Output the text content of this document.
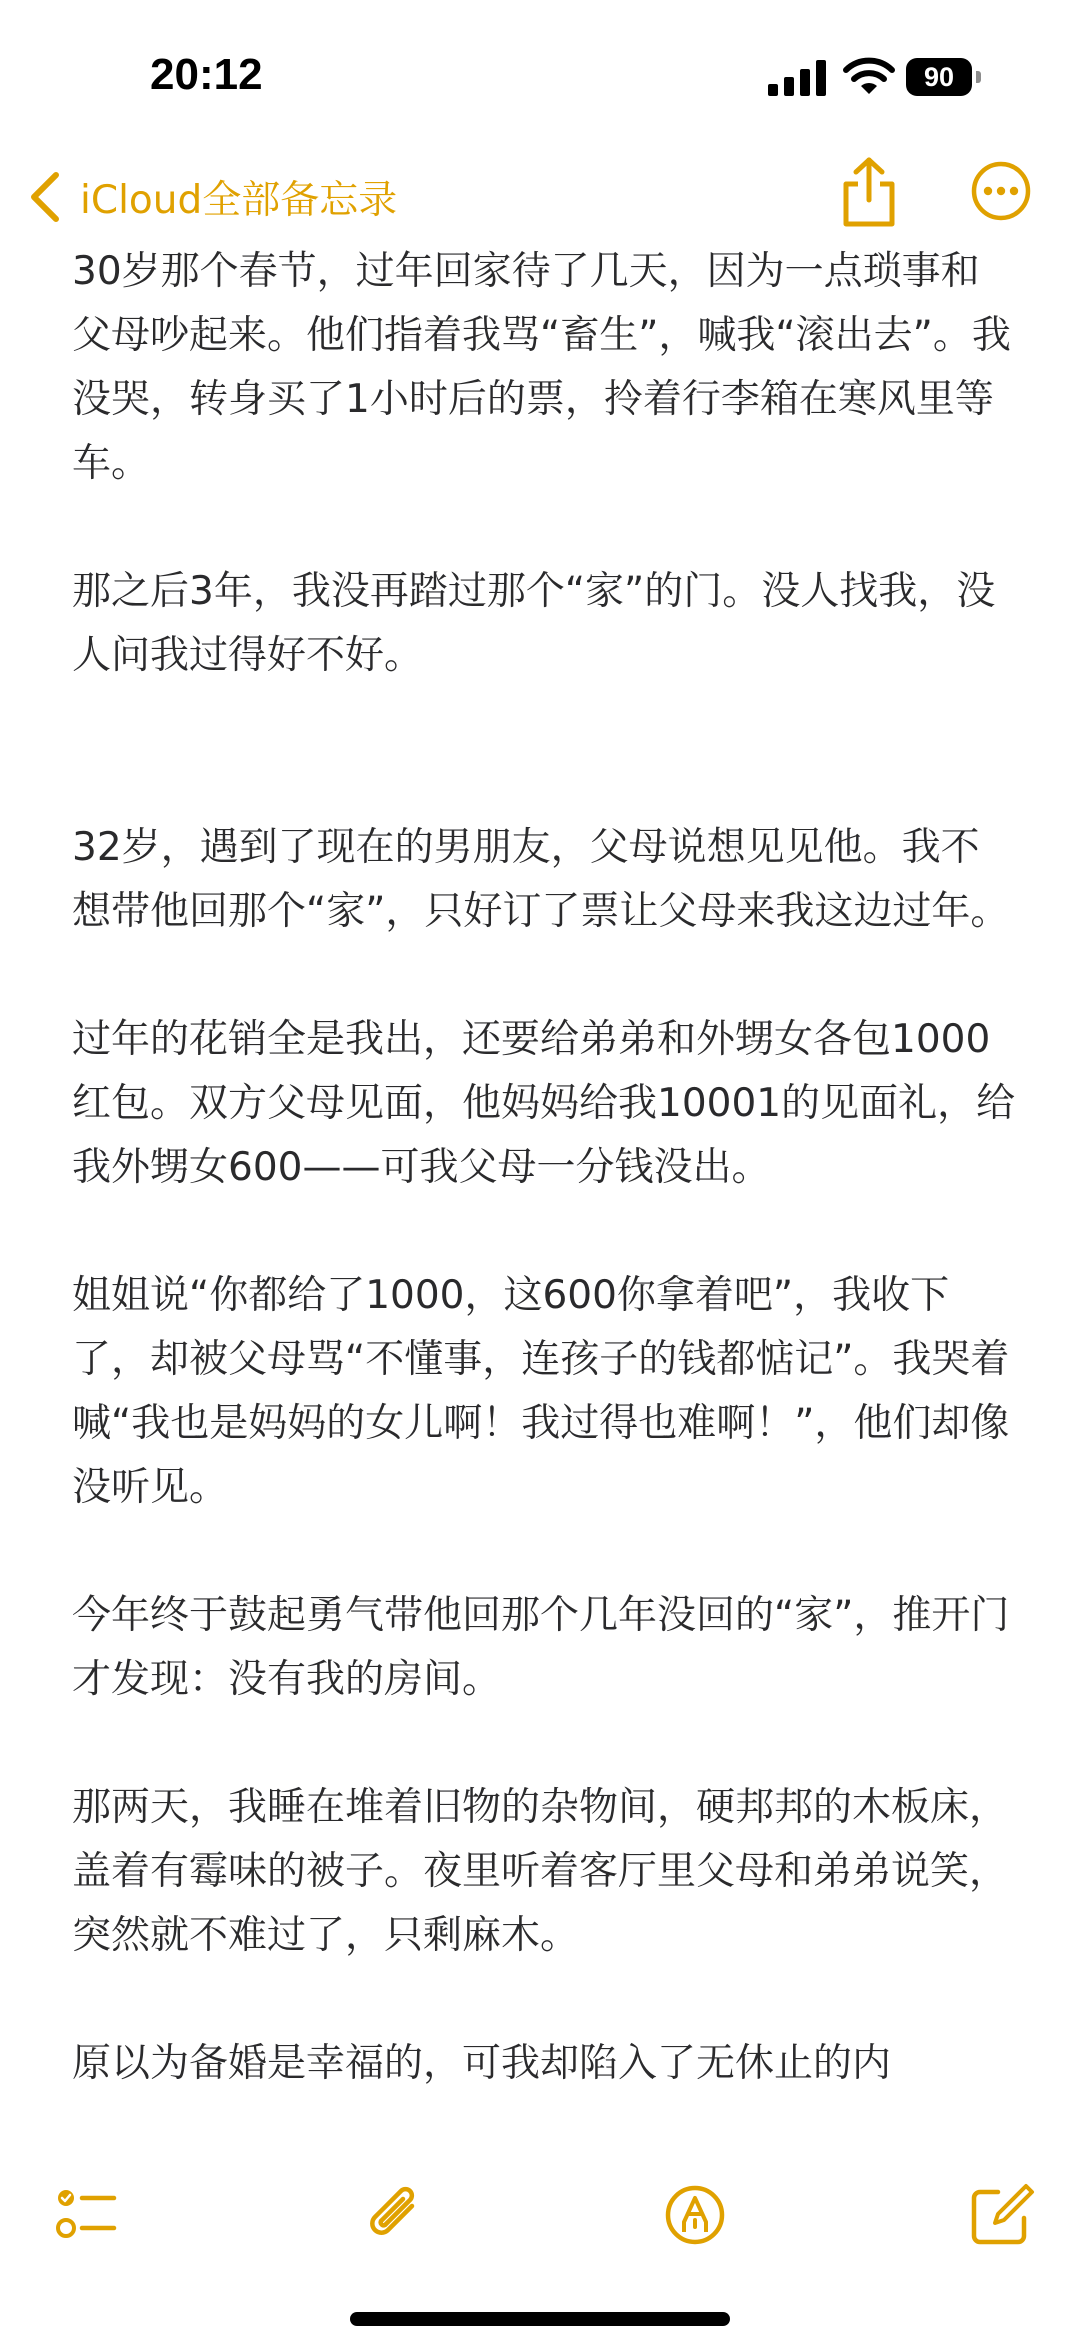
20:12	90
iCloud全部备忘录

30岁那个春节，过年回家待了几天，因为一点琐事和父母吵起来。他们指着我骂“畜生”，喊我“滚出去”。我没哭，转身买了1小时后的票，拎着行李箱在寒风里等车。

那之后3年，我没再踏过那个“家”的门。没人找我，没人问我过得好不好。

32岁，遇到了现在的男朋友，父母说想见见他。我不想带他回那个“家”，只好订了票让父母来我这边过年。

过年的花销全是我出，还要给弟弟和外甥女各包1000红包。双方父母见面，他妈妈给我10001的见面礼，给我外甥女600——可我父母一分钱没出。

姐姐说“你都给了1000，这600你拿着吧”，我收下了，却被父母骂“不懂事，连孩子的钱都惦记”。我哭着喊“我也是妈妈的女儿啊！我过得也难啊！”，他们却像没听见。

今年终于鼓起勇气带他回那个几年没回的“家”，推开门才发现：没有我的房间。

那两天，我睡在堆着旧物的杂物间，硬邦邦的木板床，盖着有霉味的被子。夜里听着客厅里父母和弟弟说笑，突然就不难过了，只剩麻木。

原以为备婚是幸福的，可我却陷入了无休止的内
